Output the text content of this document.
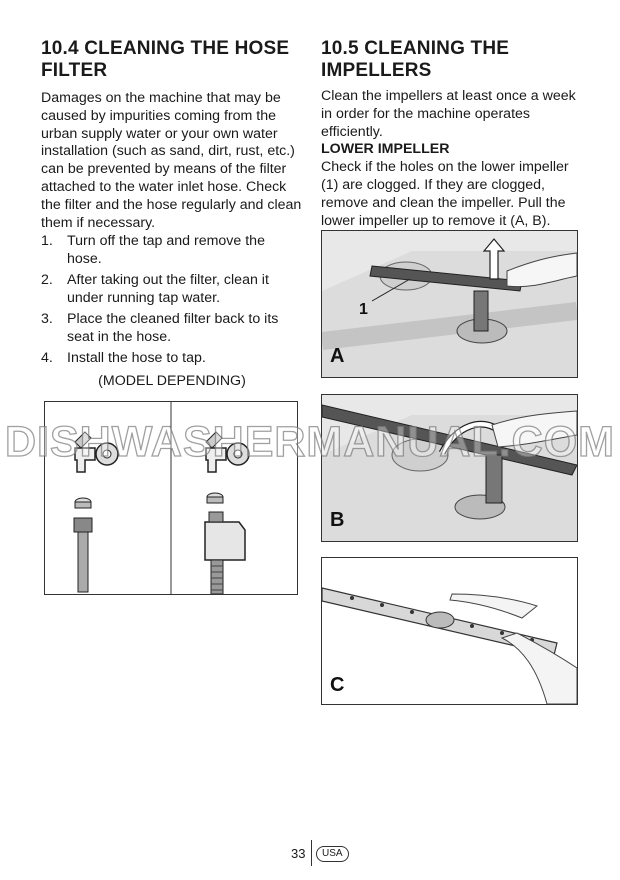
10.4 CLEANING THE HOSE FILTER

Damages on the machine that may be caused by impurities coming from the urban supply water or your own water installation (such as sand, dirt, rust, etc.) can be prevented by means of the filter attached to the water inlet hose. Check the filter and the hose regularly and clean them if necessary.

1. Turn off the tap and remove the hose.
2. After taking out the filter, clean it under running tap water.
3. Place the cleaned filter back to its seat in the hose.
4. Install the hose to tap.
(MODEL DEPENDING)
10.5 CLEANING THE IMPELLERS

Clean the impellers at least once a week in order for the machine operates efficiently.

LOWER IMPELLER

Check if the holes on the lower impeller (1) are clogged. If they are clogged, remove and clean the impeller. Pull the lower impeller up to remove it (A, B).

1
A
B
C
DISHWASHERMANUAL.COM
33	USA
